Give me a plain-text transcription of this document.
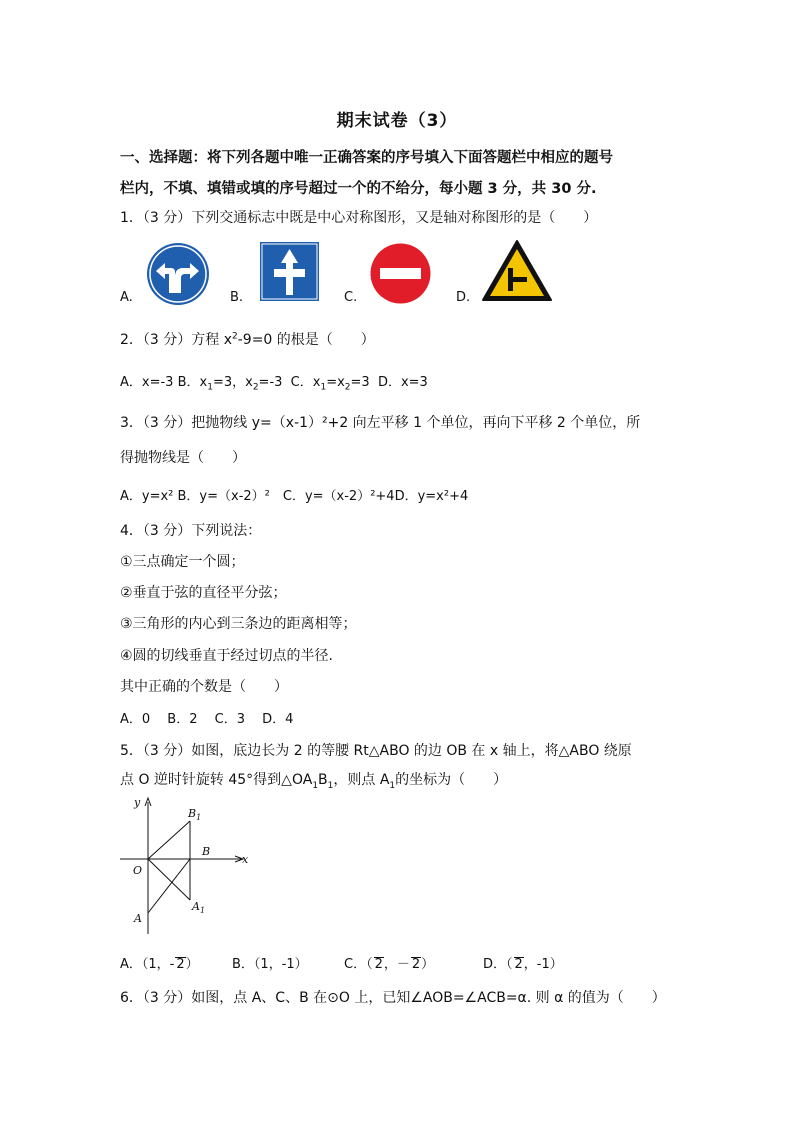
期末试卷（3）
一、选择题：将下列各题中唯一正确答案的序号填入下面答题栏中相应的题号
栏内，不填、填错或填的序号超过一个的不给分，每小题 3 分，共 30 分.
1．（3 分）下列交通标志中既是中心对称图形，又是轴对称图形的是（　　）
A.	B.	C.	D.
2．（3 分）方程 $x^2-9=0$ 的根是（　　）
A．x=-3 B．$x_1=3$，$x_2=-3$ C．$x_1=x_2=3$ D．x=3
3．（3 分）把抛物线 y=（x-1）²+2 向左平移 1 个单位，再向下平移 2 个单位，所
得抛物线是（　　）
A．y=x² B．y=（x-2）²　C．y=（x-2）²+4D．y=x²+4
4．（3 分）下列说法：
①三点确定一个圆；
②垂直于弦的直径平分弦；
③三角形的内心到三条边的距离相等；
④圆的切线垂直于经过切点的半径.
其中正确的个数是（　　）
A．0　 B．2　 C．3　 D．4
5．（3 分）如图，底边长为 2 的等腰 Rt△ABO 的边 OB 在 x 轴上，将△ABO 绕原
点 O 逆时针旋转 45°得到$\triangle OA_1B_1$，则点 $A_1$的坐标为（　　）
y
x
$B_1$
B
O
A
$A_1$
A．（1，- 2）	B．（1，-1）	C．（ 2，－ 2）	D．（ 2，-1）
6．（3 分）如图，点 A、C、B 在⊙O 上，已知∠AOB=∠ACB=α. 则 α 的值为（　　）
